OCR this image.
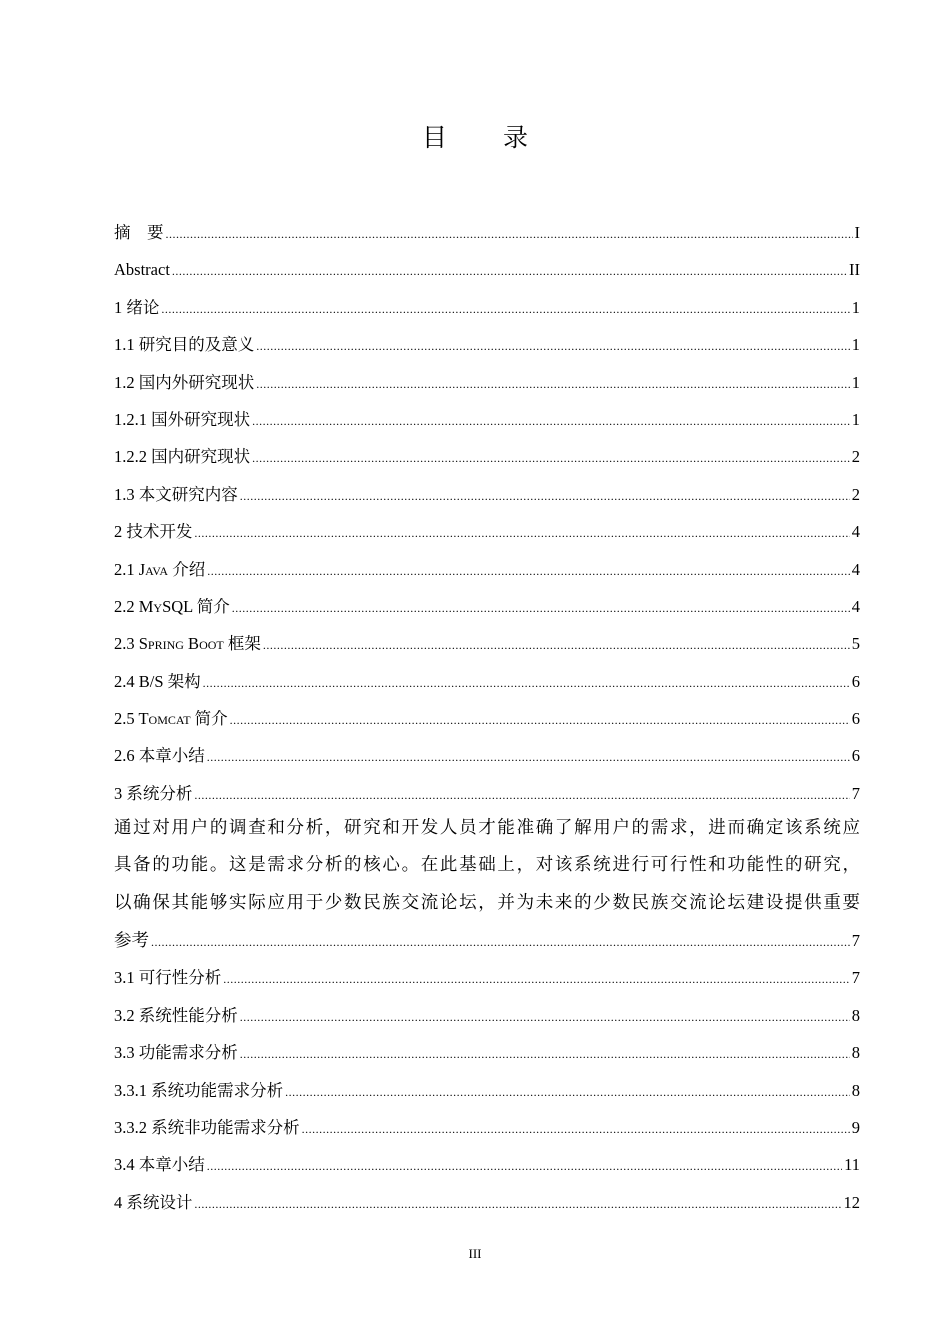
目 录
摘　要 .....	I
Abstract .....	II
1 绪论 .....	1
1.1 研究目的及意义 .....	1
1.2 国内外研究现状 .....	1
1.2.1 国外研究现状 .....	1
1.2.2 国内研究现状 .....	2
1.3 本文研究内容 .....	2
2 技术开发 .....	4
2.1 Java 介绍 .....	4
2.2 MySQL 简介 .....	4
2.3 Spring Boot 框架 .....	5
2.4 B/S 架构 .....	6
2.5 Tomcat 简介 .....	6
2.6 本章小结 .....	6
3 系统分析 .....	7
通过对用户的调查和分析，研究和开发人员才能准确了解用户的需求，进而确定该系统应
具备的功能。这是需求分析的核心。在此基础上，对该系统进行可行性和功能性的研究，
以确保其能够实际应用于少数民族交流论坛，并为未来的少数民族交流论坛建设提供重要
参考 .....	7
3.1 可行性分析 .....	7
3.2 系统性能分析 .....	8
3.3 功能需求分析 .....	8
3.3.1 系统功能需求分析 .....	8
3.3.2 系统非功能需求分析 .....	9
3.4 本章小结 .....	11
4 系统设计 .....	12
III
